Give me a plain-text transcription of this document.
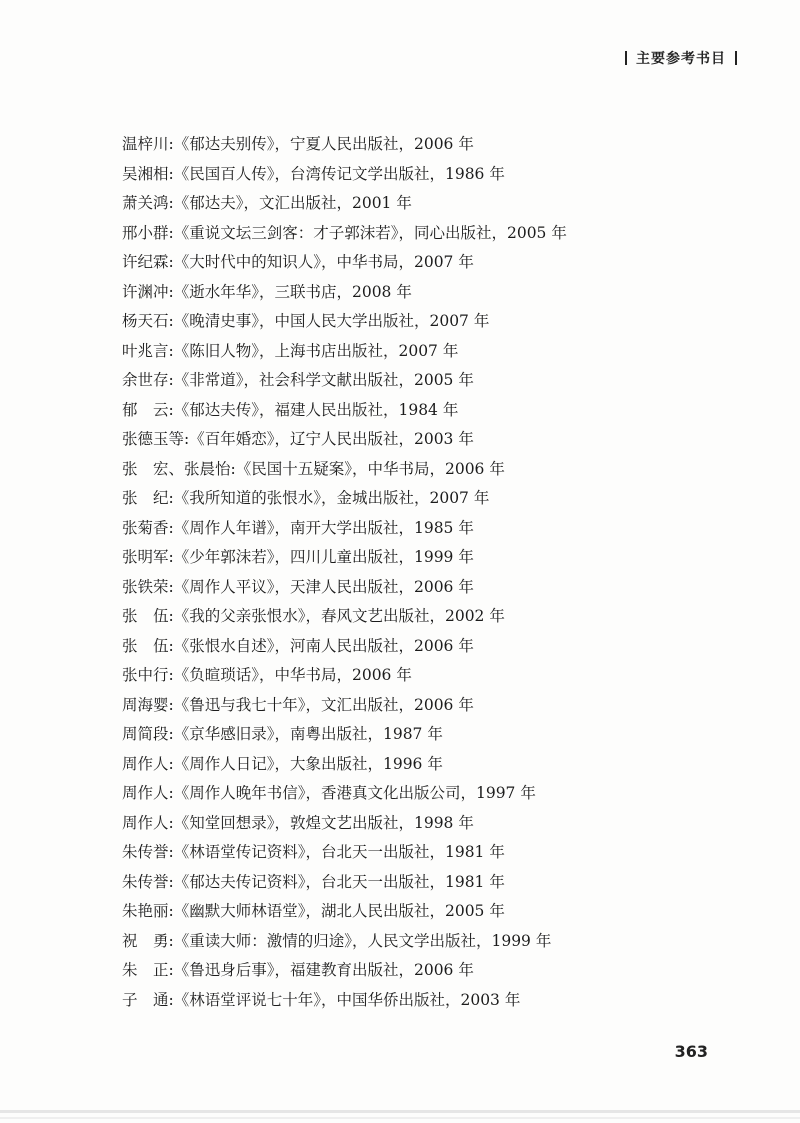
主要参考书目
温梓川:《郁达夫别传》，宁夏人民出版社，2006 年
吴湘相:《民国百人传》，台湾传记文学出版社，1986 年
萧关鸿:《郁达夫》，文汇出版社，2001 年
邢小群:《重说文坛三剑客：才子郭沫若》，同心出版社，2005 年
许纪霖:《大时代中的知识人》，中华书局，2007 年
许渊冲:《逝水年华》，三联书店，2008 年
杨天石:《晚清史事》，中国人民大学出版社，2007 年
叶兆言:《陈旧人物》，上海书店出版社，2007 年
余世存:《非常道》，社会科学文献出版社，2005 年
郁　云:《郁达夫传》，福建人民出版社，1984 年
张德玉等:《百年婚恋》，辽宁人民出版社，2003 年
张　宏、张晨怡:《民国十五疑案》，中华书局，2006 年
张　纪:《我所知道的张恨水》，金城出版社，2007 年
张菊香:《周作人年谱》，南开大学出版社，1985 年
张明军:《少年郭沫若》，四川儿童出版社，1999 年
张铁荣:《周作人平议》，天津人民出版社，2006 年
张　伍:《我的父亲张恨水》，春风文艺出版社，2002 年
张　伍:《张恨水自述》，河南人民出版社，2006 年
张中行:《负暄琐话》，中华书局，2006 年
周海婴:《鲁迅与我七十年》，文汇出版社，2006 年
周简段:《京华感旧录》，南粤出版社，1987 年
周作人:《周作人日记》，大象出版社，1996 年
周作人:《周作人晚年书信》，香港真文化出版公司，1997 年
周作人:《知堂回想录》，敦煌文艺出版社，1998 年
朱传誉:《林语堂传记资料》，台北天一出版社，1981 年
朱传誉:《郁达夫传记资料》，台北天一出版社，1981 年
朱艳丽:《幽默大师林语堂》，湖北人民出版社，2005 年
祝　勇:《重读大师：激情的归途》，人民文学出版社，1999 年
朱　正:《鲁迅身后事》，福建教育出版社，2006 年
子　通:《林语堂评说七十年》，中国华侨出版社，2003 年
363
